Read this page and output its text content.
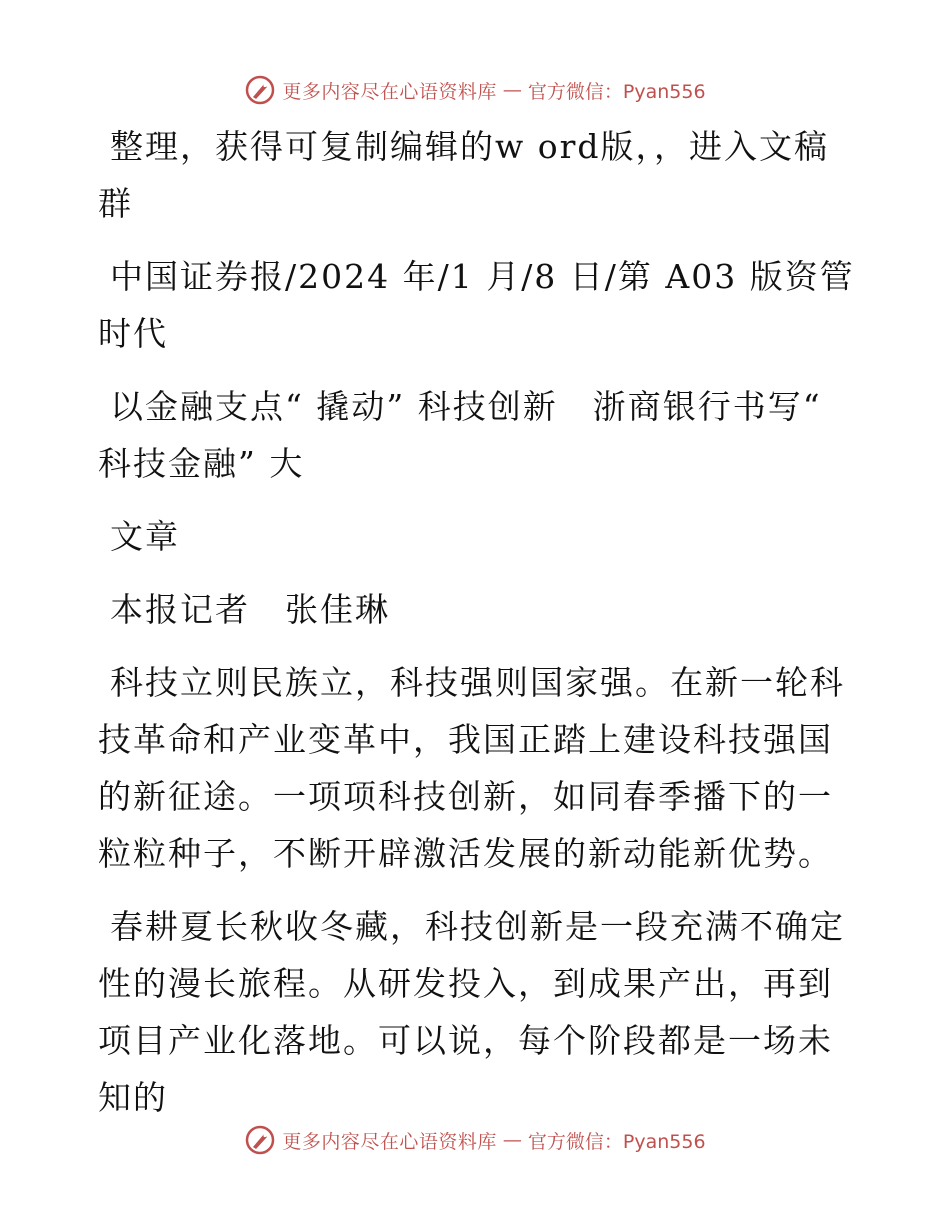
更多内容尽在心语资料库 — 官方微信：Pyan556

整理，获得可复制编辑的w ord版，，进入文稿群

中国证券报/2024 年/1 月/8 日/第 A03 版资管时代

以金融支点“ 撬动” 科技创新　浙商银行书写“ 科技金融” 大

文章

本报记者　张佳琳

科技立则民族立，科技强则国家强。在新一轮科技革命和产业变革中，我国正踏上建设科技强国的新征途。一项项科技创新，如同春季播下的一粒粒种子，不断开辟激活发展的新动能新优势。

春耕夏长秋收冬藏，科技创新是一段充满不确定性的漫长旅程。从研发投入，到成果产出，再到项目产业化落地。可以说，每个阶段都是一场未知的

更多内容尽在心语资料库 — 官方微信：Pyan556
